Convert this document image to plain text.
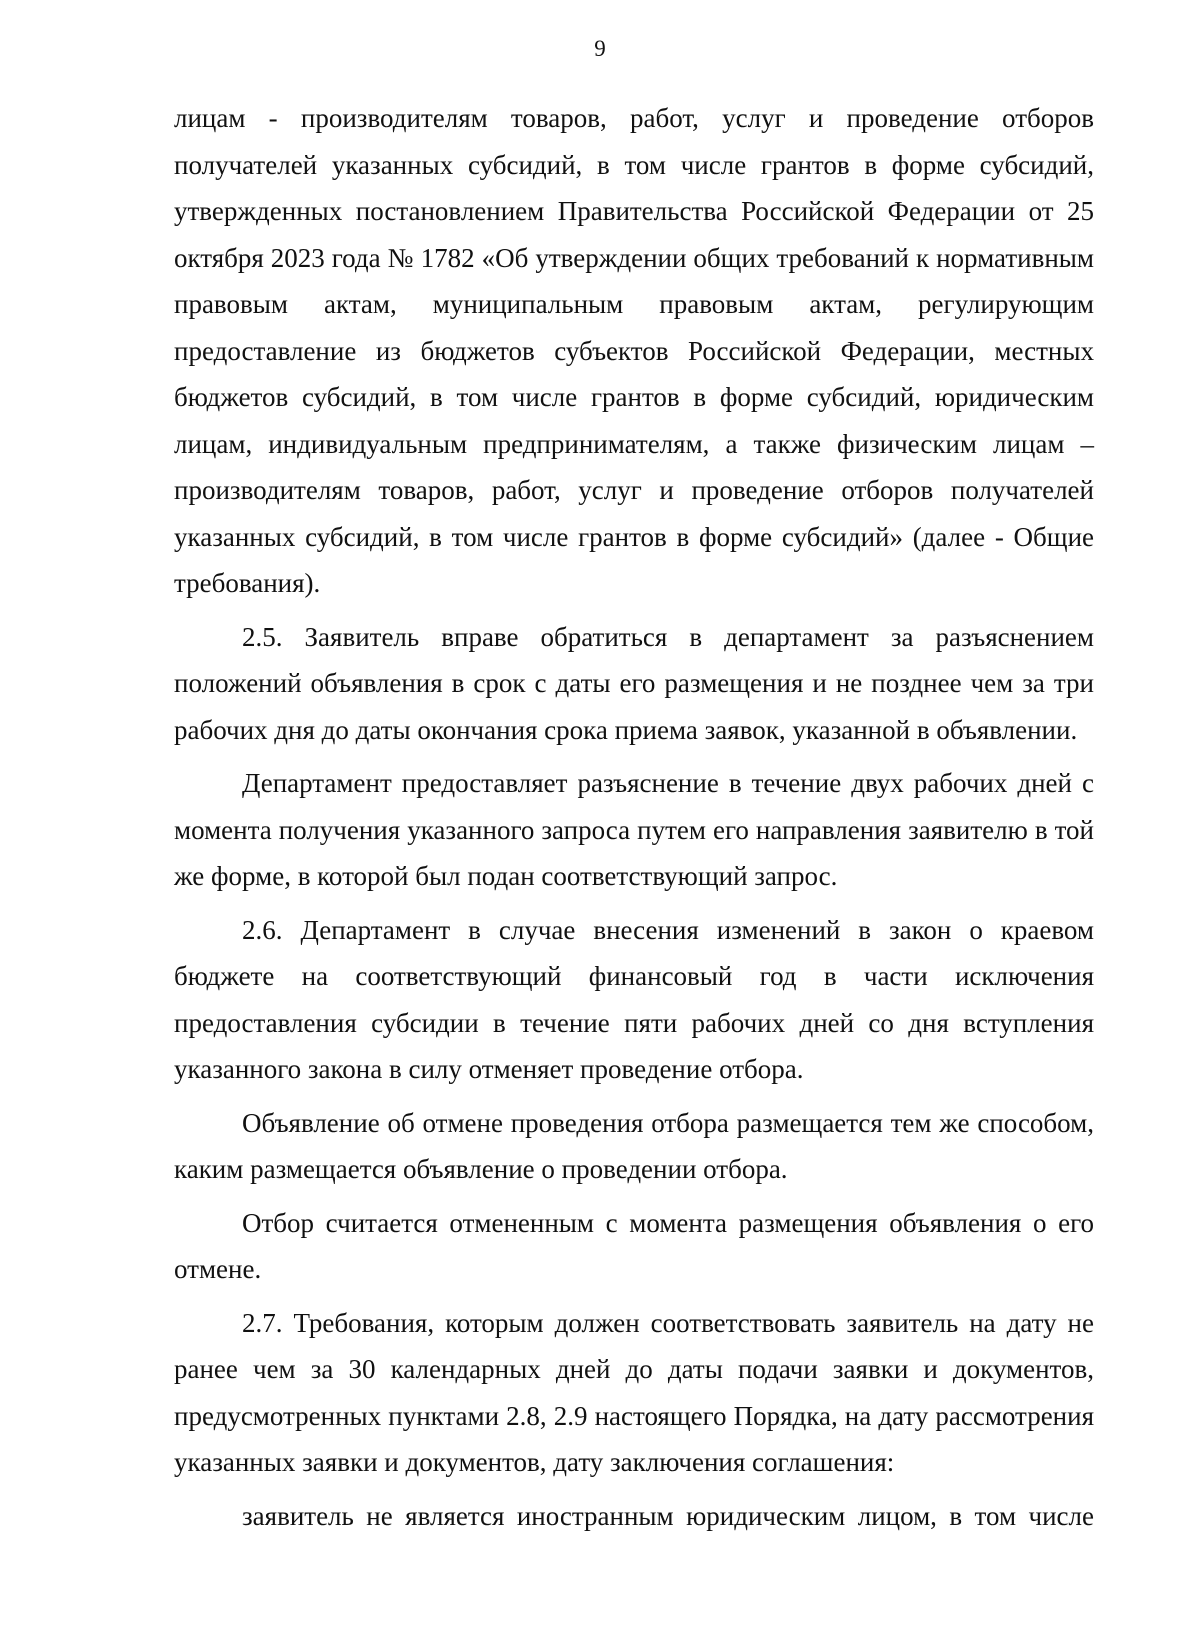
9

лицам - производителям товаров, работ, услуг и проведение отборов получателей указанных субсидий, в том числе грантов в форме субсидий, утвержденных постановлением Правительства Российской Федерации от 25 октября 2023 года № 1782 «Об утверждении общих требований к нормативным правовым актам, муниципальным правовым актам, регулирующим предоставление из бюджетов субъектов Российской Федерации, местных бюджетов субсидий, в том числе грантов в форме субсидий, юридическим лицам, индивидуальным предпринимателям, а также физическим лицам – производителям товаров, работ, услуг и проведение отборов получателей указанных субсидий, в том числе грантов в форме субсидий» (далее - Общие требования).

2.5. Заявитель вправе обратиться в департамент за разъяснением положений объявления в срок с даты его размещения и не позднее чем за три рабочих дня до даты окончания срока приема заявок, указанной в объявлении.

Департамент предоставляет разъяснение в течение двух рабочих дней с момента получения указанного запроса путем его направления заявителю в той же форме, в которой был подан соответствующий запрос.

2.6. Департамент в случае внесения изменений в закон о краевом бюджете на соответствующий финансовый год в части исключения предоставления субсидии в течение пяти рабочих дней со дня вступления указанного закона в силу отменяет проведение отбора.

Объявление об отмене проведения отбора размещается тем же способом, каким размещается объявление о проведении отбора.

Отбор считается отмененным с момента размещения объявления о его отмене.

2.7. Требования, которым должен соответствовать заявитель на дату не ранее чем за 30 календарных дней до даты подачи заявки и документов, предусмотренных пунктами 2.8, 2.9 настоящего Порядка, на дату рассмотрения указанных заявки и документов, дату заключения соглашения:

заявитель не является иностранным юридическим лицом, в том числе
